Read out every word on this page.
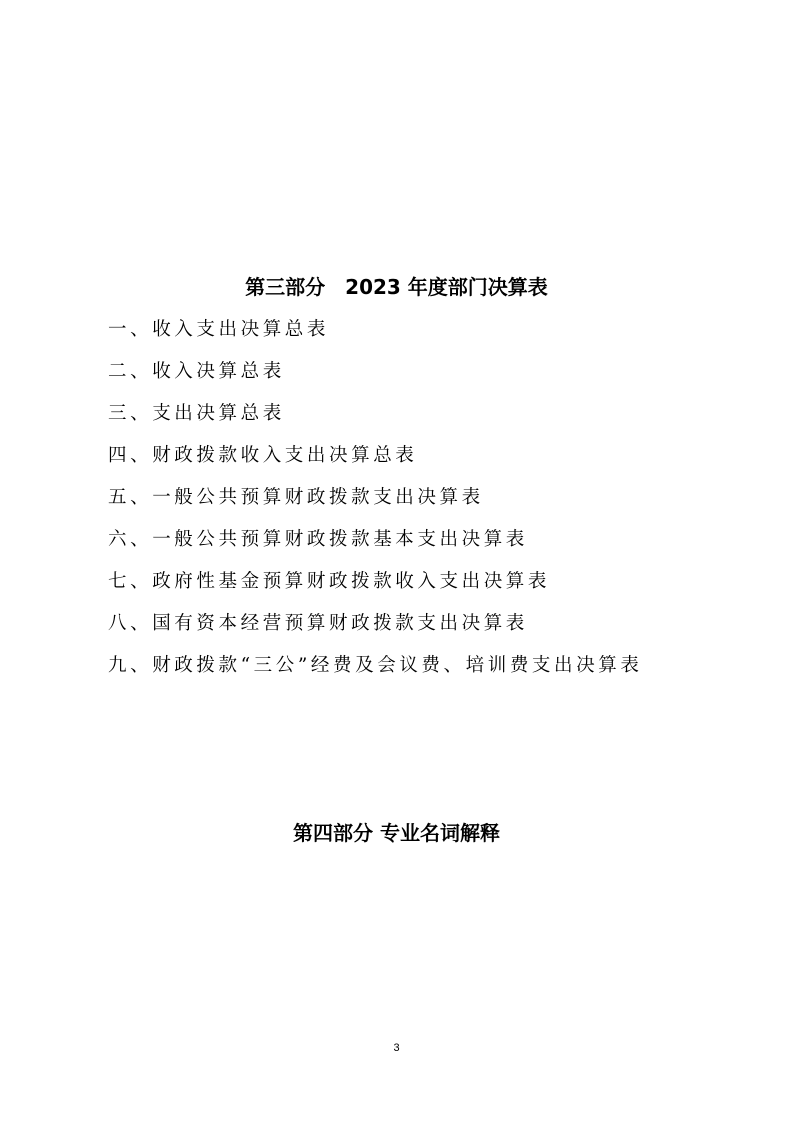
第三部分　2023 年度部门决算表
一、收入支出决算总表
二、收入决算总表
三、支出决算总表
四、财政拨款收入支出决算总表
五、一般公共预算财政拨款支出决算表
六、一般公共预算财政拨款基本支出决算表
七、政府性基金预算财政拨款收入支出决算表
八、国有资本经营预算财政拨款支出决算表
九、财政拨款“三公”经费及会议费、培训费支出决算表
第四部分 专业名词解释
3
